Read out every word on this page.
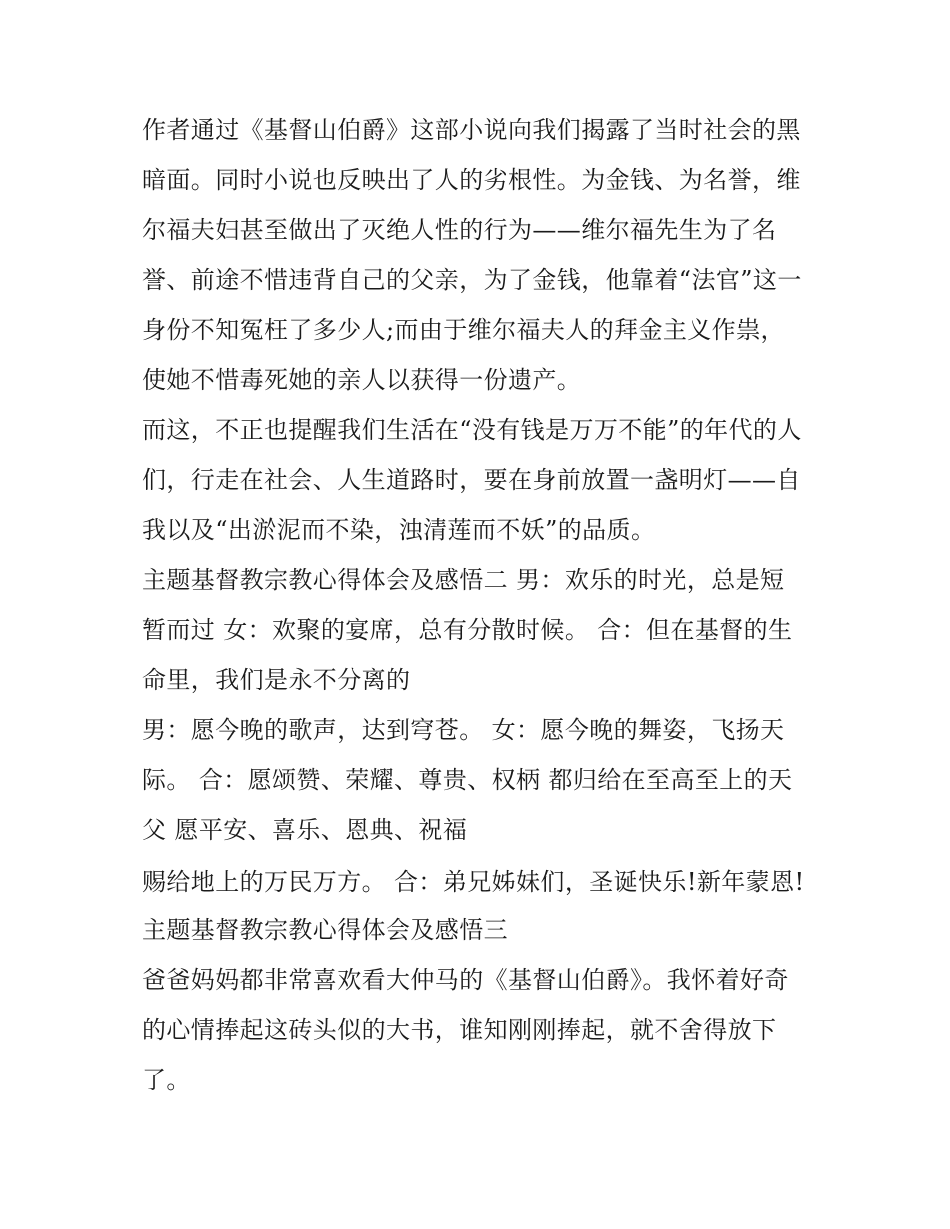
作者通过《基督山伯爵》这部小说向我们揭露了当时社会的黑
暗面。同时小说也反映出了人的劣根性。为金钱、为名誉，维
尔福夫妇甚至做出了灭绝人性的行为——维尔福先生为了名
誉、前途不惜违背自己的父亲，为了金钱，他靠着“法官”这一
身份不知冤枉了多少人;而由于维尔福夫人的拜金主义作祟，
使她不惜毒死她的亲人以获得一份遗产。
而这，不正也提醒我们生活在“没有钱是万万不能”的年代的人
们，行走在社会、人生道路时，要在身前放置一盏明灯——自
我以及“出淤泥而不染，浊清莲而不妖”的品质。
主题基督教宗教心得体会及感悟二 男：欢乐的时光，总是短
暂而过 女：欢聚的宴席，总有分散时候。 合：但在基督的生
命里，我们是永不分离的
男：愿今晚的歌声，达到穹苍。 女：愿今晚的舞姿，飞扬天
际。 合：愿颂赞、荣耀、尊贵、权柄 都归给在至高至上的天
父 愿平安、喜乐、恩典、祝福
赐给地上的万民万方。 合：弟兄姊妹们，圣诞快乐!新年蒙恩!
主题基督教宗教心得体会及感悟三
爸爸妈妈都非常喜欢看大仲马的《基督山伯爵》。我怀着好奇
的心情捧起这砖头似的大书，谁知刚刚捧起，就不舍得放下
了。
